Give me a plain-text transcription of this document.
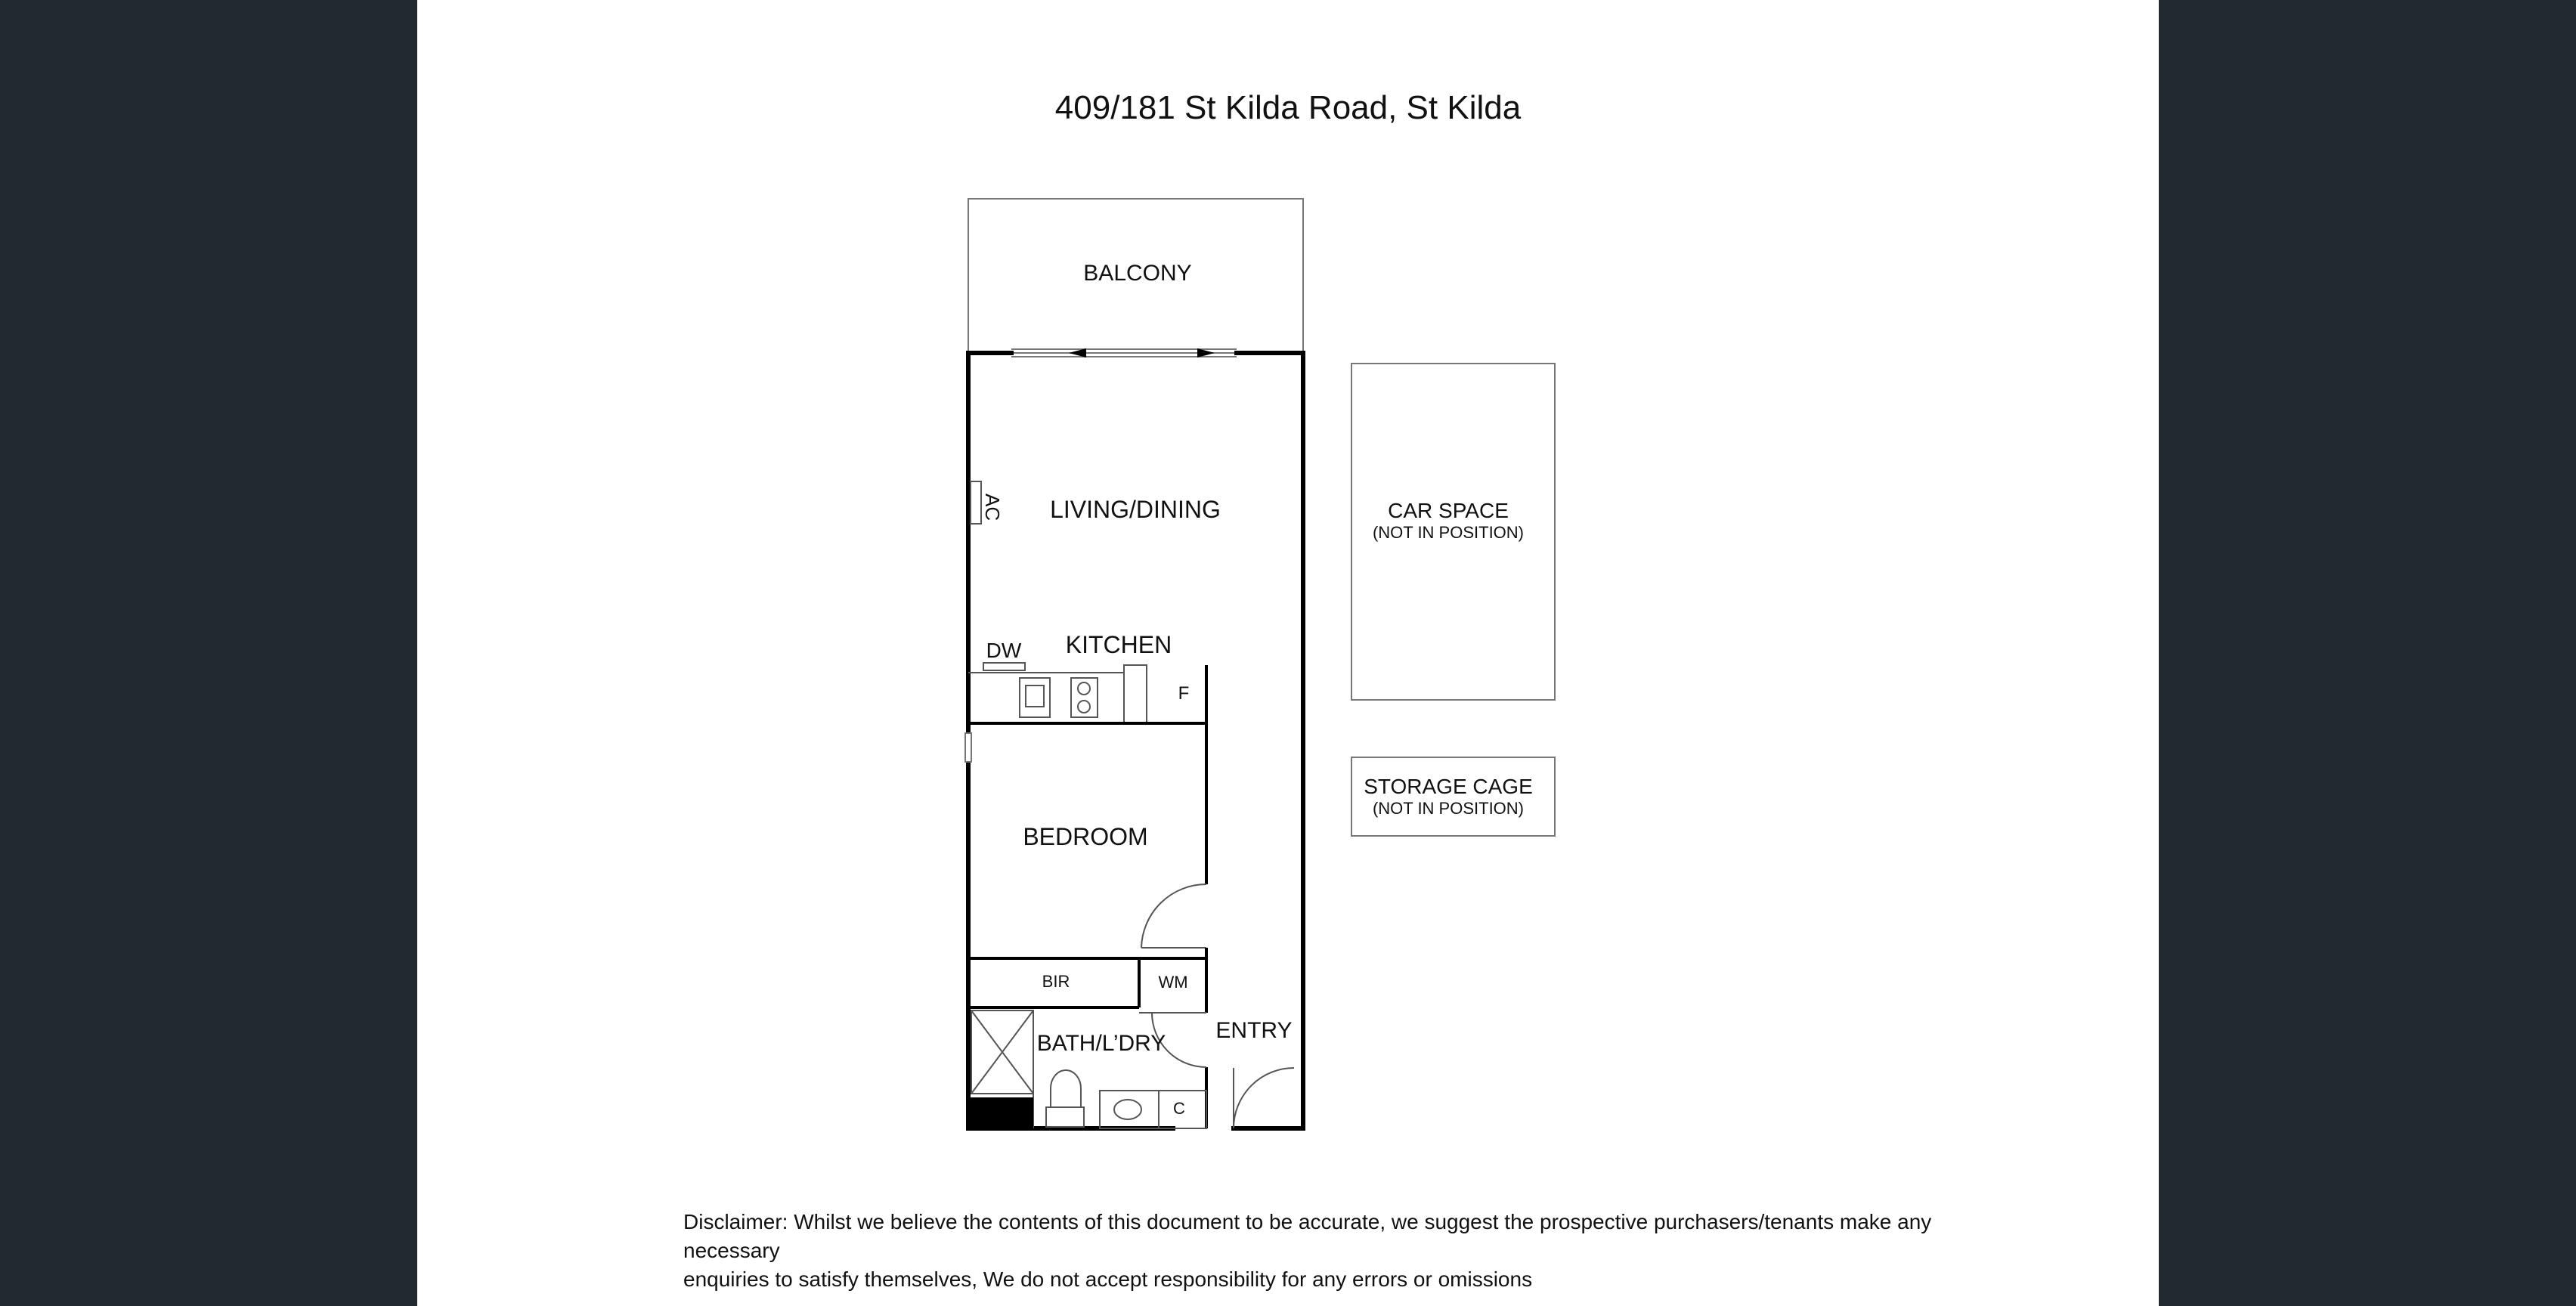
409/181 St Kilda Road, St Kilda
BALCONY
AC LIVING/DINING
KITCHEN
DW
F
BEDROOM
BIR	WM
C
BATH/L’DRY
ENTRY
CAR SPACE
(NOT IN POSITION)
STORAGE CAGE
(NOT IN POSITION)
Disclaimer: Whilst we believe the contents of this document to be accurate, we suggest the prospective purchasers/tenants make any necessary
enquiries to satisfy themselves, We do not accept responsibility for any errors or omissions
